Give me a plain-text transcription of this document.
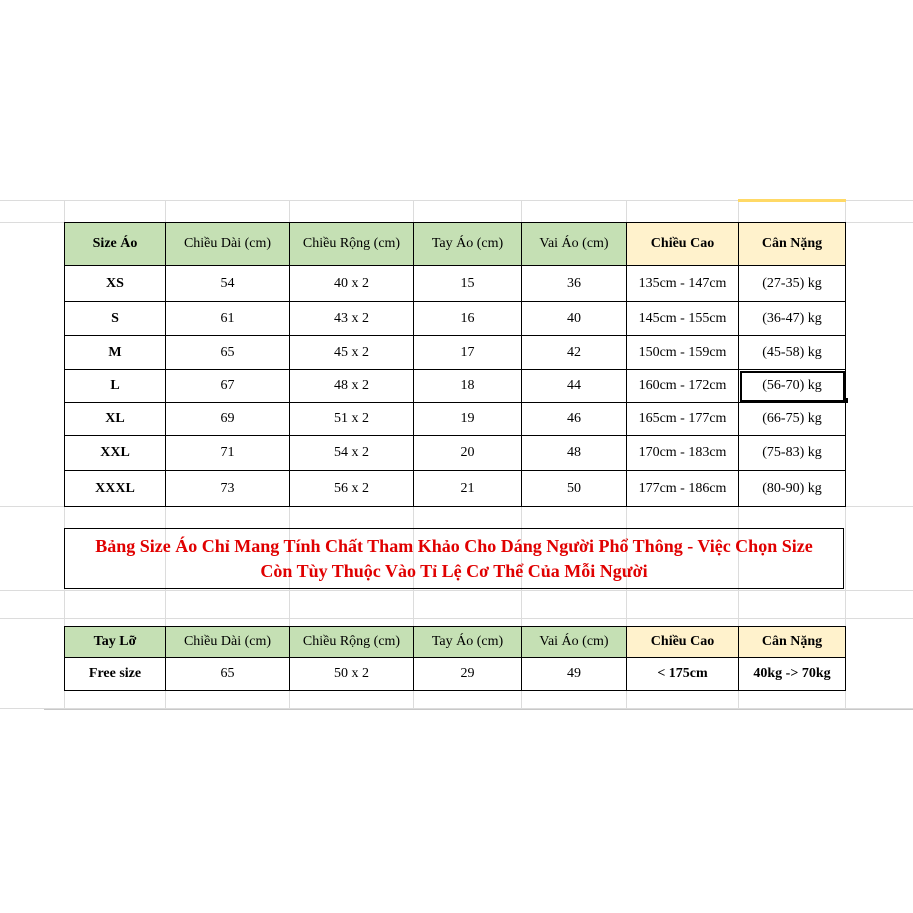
Size Áo	Chiều Dài (cm)	Chiều Rộng (cm)	Tay Áo (cm)	Vai Áo (cm)	Chiều Cao	Cân Nặng
XS	54	40 x 2	15	36	135cm - 147cm	(27-35) kg
S	61	43 x 2	16	40	145cm - 155cm	(36-47) kg
M	65	45 x 2	17	42	150cm - 159cm	(45-58) kg
L	67	48 x 2	18	44	160cm - 172cm	(56-70) kg
XL	69	51 x 2	19	46	165cm - 177cm	(66-75) kg
XXL	71	54 x 2	20	48	170cm - 183cm	(75-83) kg
XXXL	73	56 x 2	21	50	177cm - 186cm	(80-90) kg
Bảng Size Áo Chỉ Mang Tính Chất Tham Khảo Cho Dáng Người Phổ Thông - Việc Chọn Size
Còn Tùy Thuộc Vào Tỉ Lệ Cơ Thể Của Mỗi Người
Tay Lỡ	Chiều Dài (cm)	Chiều Rộng (cm)	Tay Áo (cm)	Vai Áo (cm)	Chiều Cao	Cân Nặng
Free size	65	50 x 2	29	49	< 175cm	40kg -> 70kg
